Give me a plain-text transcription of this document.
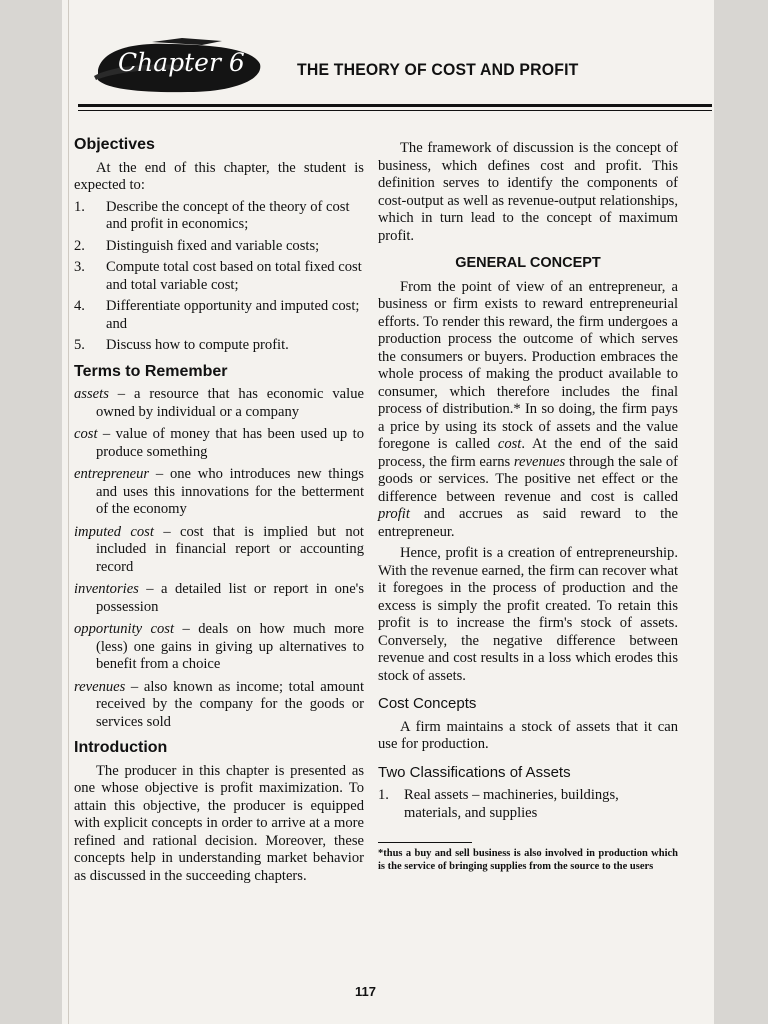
Chapter 6	THE THEORY OF COST AND PROFIT
Objectives

At the end of this chapter, the student is expected to:

1. Describe the concept of the theory of cost and profit in economics;
2. Distinguish fixed and variable costs;
3. Compute total cost based on total fixed cost and total variable cost;
4. Differentiate opportunity and imputed cost; and
5. Discuss how to compute profit.
Terms to Remember

assets – a resource that has economic value owned by individual or a company

cost – value of money that has been used up to produce something

entrepreneur – one who introduces new things and uses this innovations for the betterment of the economy

imputed cost – cost that is implied but not included in financial report or accounting record

inventories – a detailed list or report in one's possession

opportunity cost – deals on how much more (less) one gains in giving up alternatives to benefit from a choice

revenues – also known as income; total amount received by the company for the goods or services sold

Introduction

The producer in this chapter is presented as one whose objective is profit maximization. To attain this objective, the producer is equipped with explicit concepts in order to arrive at a more refined and rational decision. Moreover, these concepts help in understanding market behavior as discussed in the succeeding chapters.

The framework of discussion is the concept of business, which defines cost and profit. This definition serves to identify the components of cost-output as well as revenue-output relationships, which in turn lead to the concept of maximum profit.

GENERAL CONCEPT

From the point of view of an entrepreneur, a business or firm exists to reward entrepreneurial efforts. To render this reward, the firm undergoes a production process the outcome of which serves the consumers or buyers. Production embraces the whole process of making the product available to consumer, which therefore includes the final process of distribution.* In so doing, the firm pays a price by using its stock of assets and the value foregone is called cost. At the end of the said process, the firm earns revenues through the sale of goods or services. The positive net effect or the difference between revenue and cost is called profit and accrues as said reward to the entrepreneur.

Hence, profit is a creation of entrepreneurship. With the revenue earned, the firm can recover what it foregoes in the process of production and the excess is simply the profit created. To retain this profit is to increase the firm's stock of assets. Conversely, the negative difference between revenue and cost results in a loss which erodes this stock of assets.

Cost Concepts

A firm maintains a stock of assets that it can use for production.

Two Classifications of Assets
1. Real assets – machineries, buildings, materials, and supplies
*thus a buy and sell business is also involved in production which is the service of bringing supplies from the source to the users
117
